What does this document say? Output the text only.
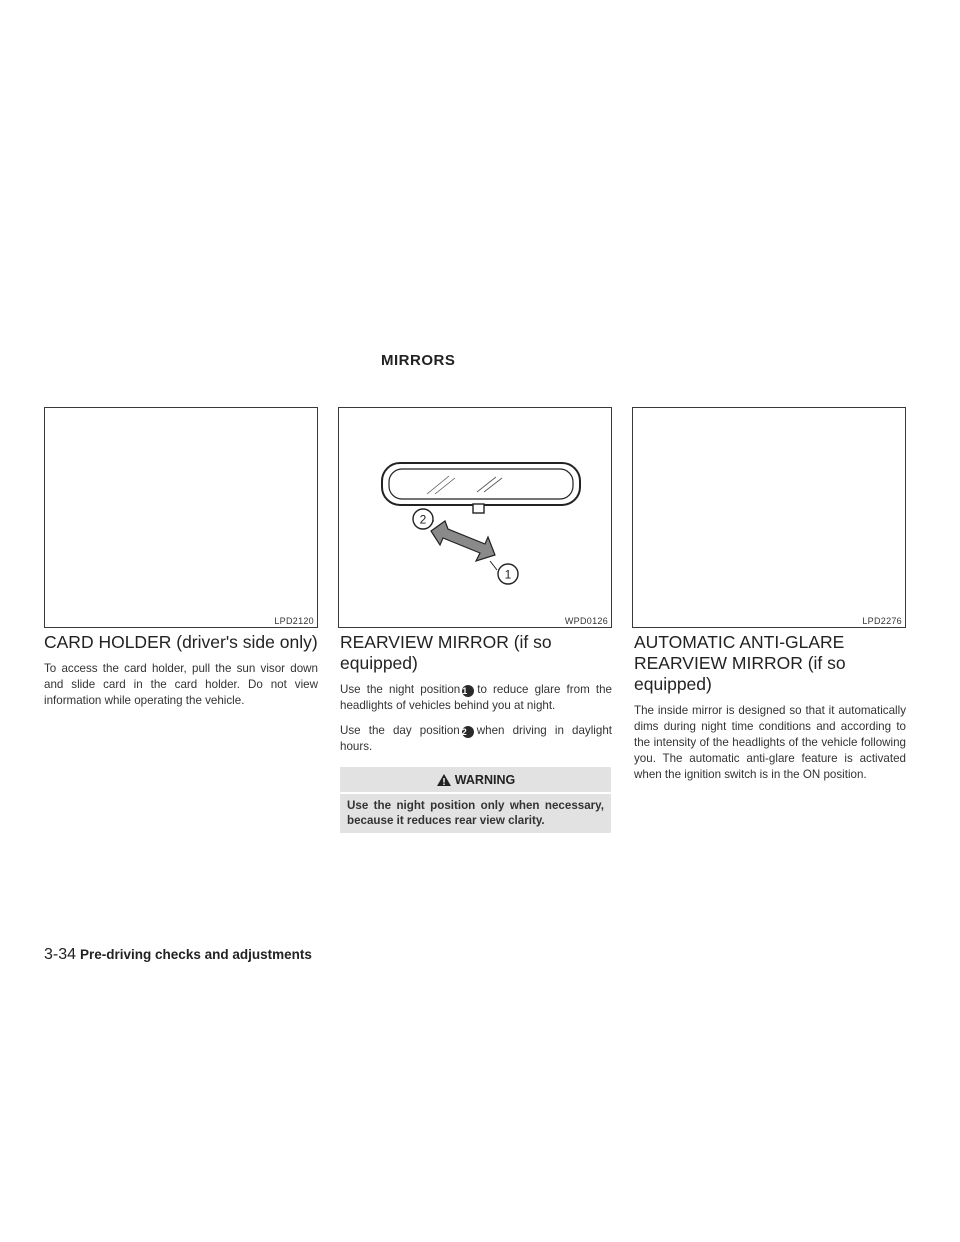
MIRRORS
LPD2120
2
1
WPD0126	LPD2276
CARD HOLDER (driver's side only)

To access the card holder, pull the sun visor down and slide card in the card holder. Do not view information while operating the vehicle.

REARVIEW MIRROR (if so equipped)

Use the night position 1 to reduce glare from the headlights of vehicles behind you at night.

Use the day position 2 when driving in daylight hours.

WARNING
Use the night position only when necessary, because it reduces rear view clarity.
AUTOMATIC ANTI-GLARE REARVIEW MIRROR (if so equipped)

The inside mirror is designed so that it automatically dims during night time conditions and according to the intensity of the headlights of the vehicle following you. The automatic anti-glare feature is activated when the ignition switch is in the ON position.

3-34 Pre-driving checks and adjustments
